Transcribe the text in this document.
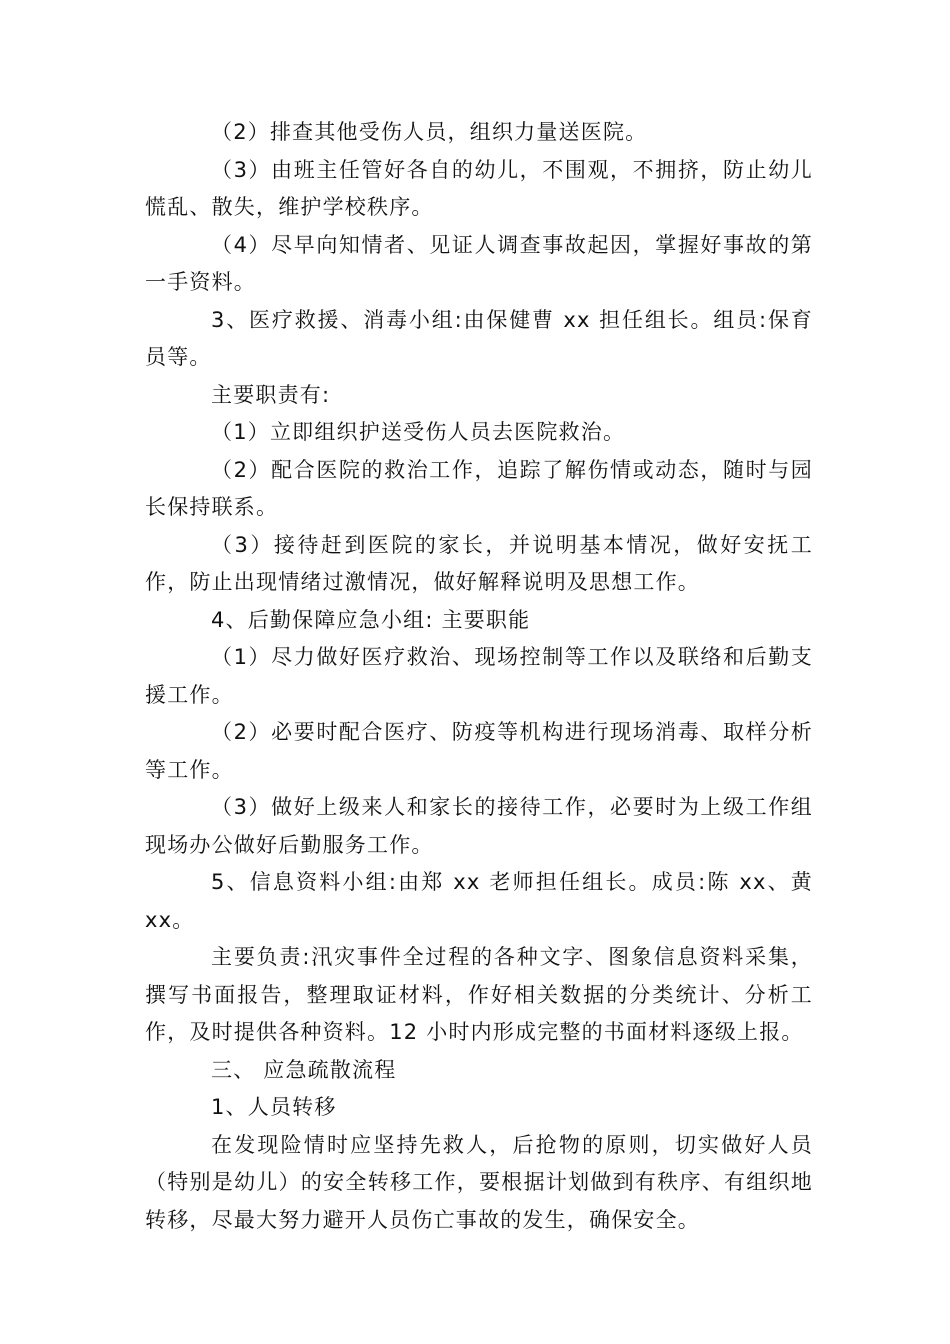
（2）排查其他受伤人员，组织力量送医院。

（3）由班主任管好各自的幼儿，不围观，不拥挤，防止幼儿慌乱、散失，维护学校秩序。

（4）尽早向知情者、见证人调查事故起因，掌握好事故的第一手资料。

3、医疗救援、消毒小组:由保健曹 xx 担任组长。组员:保育员等。

主要职责有:

（1）立即组织护送受伤人员去医院救治。

（2）配合医院的救治工作，追踪了解伤情或动态，随时与园长保持联系。

（3）接待赶到医院的家长，并说明基本情况，做好安抚工作，防止出现情绪过激情况，做好解释说明及思想工作。

4、后勤保障应急小组: 主要职能

（1）尽力做好医疗救治、现场控制等工作以及联络和后勤支援工作。

（2）必要时配合医疗、防疫等机构进行现场消毒、取样分析等工作。

（3）做好上级来人和家长的接待工作，必要时为上级工作组现场办公做好后勤服务工作。

5、信息资料小组:由郑 xx 老师担任组长。成员:陈 xx、黄 xx。

主要负责:汛灾事件全过程的各种文字、图象信息资料采集，撰写书面报告，整理取证材料，作好相关数据的分类统计、分析工作，及时提供各种资料。12 小时内形成完整的书面材料逐级上报。

三、 应急疏散流程

1、人员转移

在发现险情时应坚持先救人，后抢物的原则，切实做好人员（特别是幼儿）的安全转移工作，要根据计划做到有秩序、有组织地转移，尽最大努力避开人员伤亡事故的发生，确保安全。
